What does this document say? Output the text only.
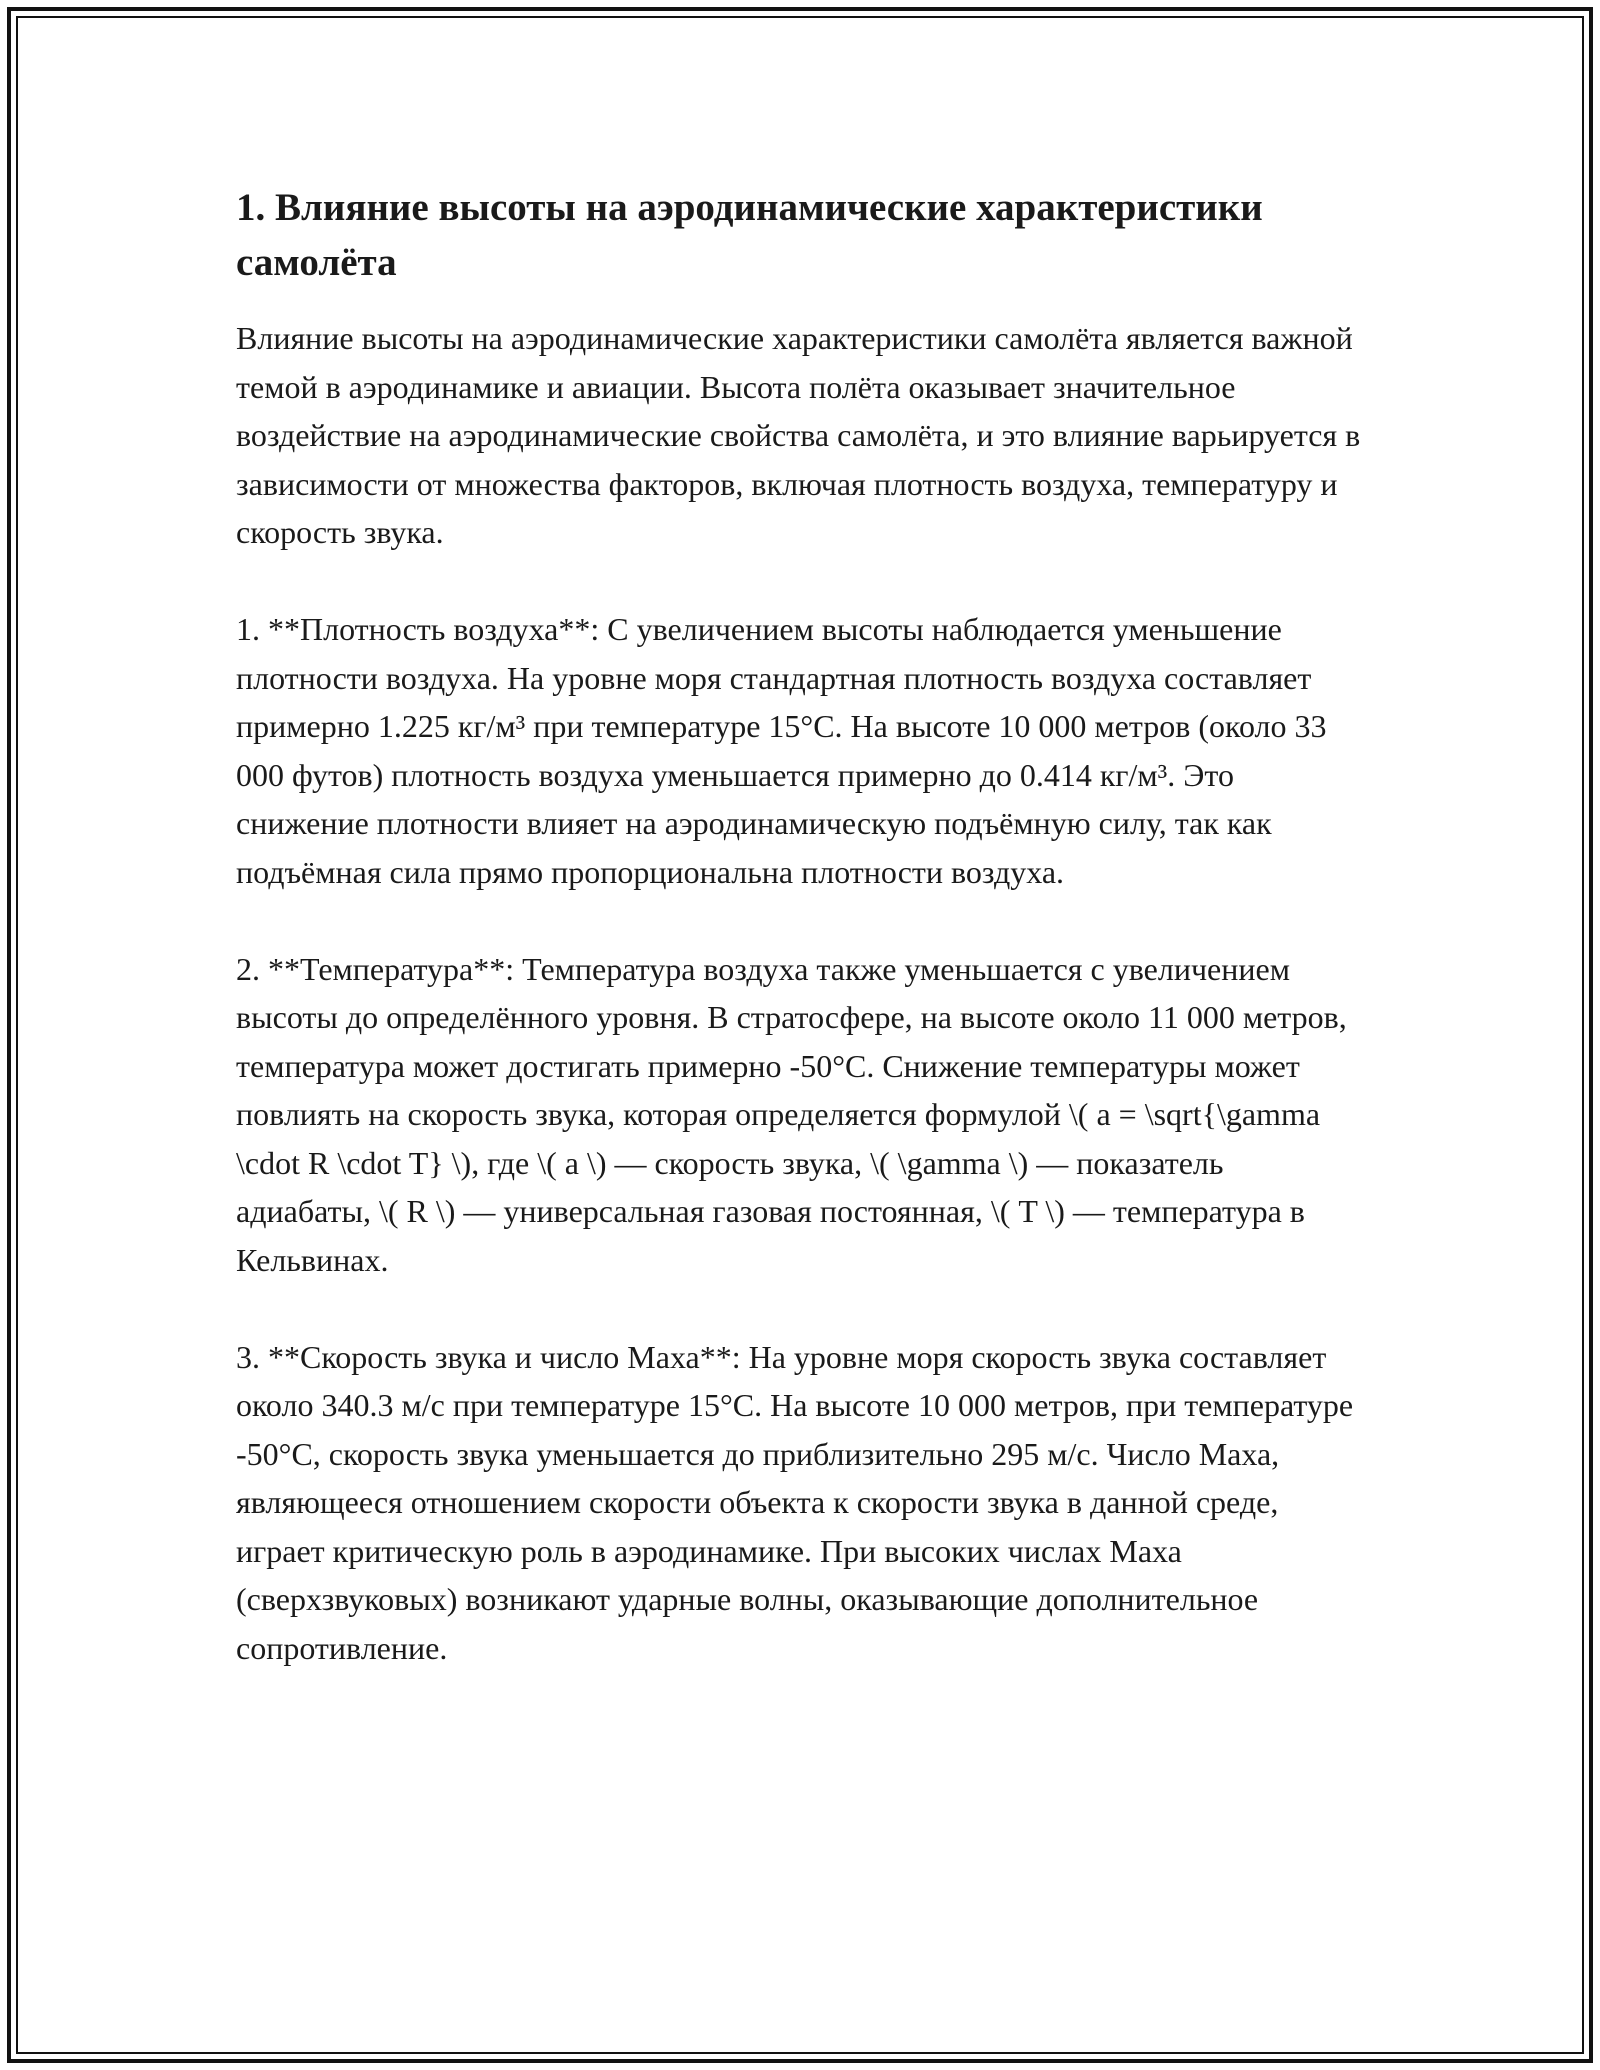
1. Влияние высоты на аэродинамические характеристики самолёта

Влияние высоты на аэродинамические характеристики самолёта является важной темой в аэродинамике и авиации. Высота полёта оказывает значительное воздействие на аэродинамические свойства самолёта, и это влияние варьируется в зависимости от множества факторов, включая плотность воздуха, температуру и скорость звука.

1. **Плотность воздуха**: С увеличением высоты наблюдается уменьшение плотности воздуха. На уровне моря стандартная плотность воздуха составляет примерно 1.225 кг/м³ при температуре 15°C. На высоте 10 000 метров (около 33 000 футов) плотность воздуха уменьшается примерно до 0.414 кг/м³. Это снижение плотности влияет на аэродинамическую подъёмную силу, так как подъёмная сила прямо пропорциональна плотности воздуха.

2. **Температура**: Температура воздуха также уменьшается с увеличением высоты до определённого уровня. В стратосфере, на высоте около 11 000 метров, температура может достигать примерно -50°C. Снижение температуры может повлиять на скорость звука, которая определяется формулой \( a = \sqrt{\gamma \cdot R \cdot T} \), где \( a \) — скорость звука, \( \gamma \) — показатель адиабаты, \( R \) — универсальная газовая постоянная, \( T \) — температура в Кельвинах.

3. **Скорость звука и число Маха**: На уровне моря скорость звука составляет около 340.3 м/с при температуре 15°C. На высоте 10 000 метров, при температуре -50°C, скорость звука уменьшается до приблизительно 295 м/с. Число Маха, являющееся отношением скорости объекта к скорости звука в данной среде, играет критическую роль в аэродинамике. При высоких числах Маха (сверхзвуковых) возникают ударные волны, оказывающие дополнительное сопротивление.
